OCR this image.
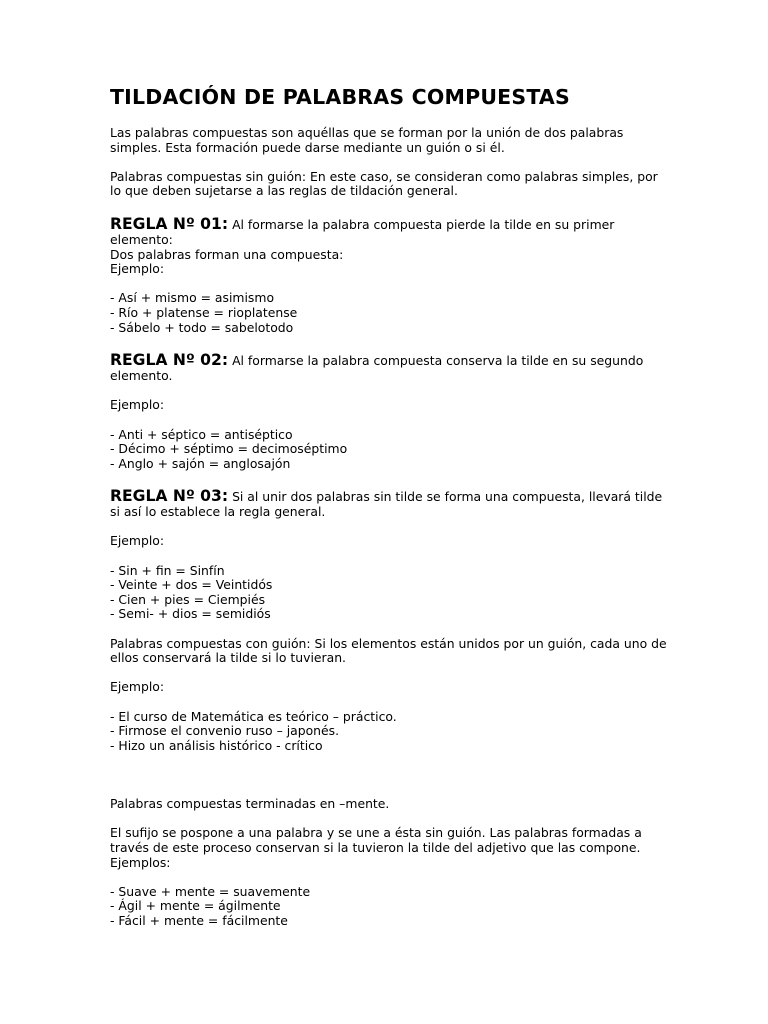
TILDACIÓN DE PALABRAS COMPUESTAS

Las palabras compuestas son aquéllas que se forman por la unión de dos palabras simples. Esta formación puede darse mediante un guión o si él.

Palabras compuestas sin guión: En este caso, se consideran como palabras simples, por lo que deben sujetarse a las reglas de tildación general.

REGLA Nº 01: Al formarse la palabra compuesta pierde la tilde en su primer elemento:

Dos palabras forman una compuesta:

Ejemplo:

- Así + mismo = asimismo

- Río + platense = rioplatense

- Sábelo + todo = sabelotodo

REGLA Nº 02: Al formarse la palabra compuesta conserva la tilde en su segundo elemento.

Ejemplo:

- Anti + séptico = antiséptico

- Décimo + séptimo = decimoséptimo

- Anglo + sajón = anglosajón

REGLA Nº 03: Si al unir dos palabras sin tilde se forma una compuesta, llevará tilde si así lo establece la regla general.

Ejemplo:

- Sin + fin = Sinfín

- Veinte + dos = Veintidós

- Cien + pies = Ciempiés

- Semi- + dios = semidiós

Palabras compuestas con guión: Si los elementos están unidos por un guión, cada uno de ellos conservará la tilde si lo tuvieran.

Ejemplo:

- El curso de Matemática es teórico – práctico.

- Firmose el convenio ruso – japonés.

- Hizo un análisis histórico - crítico

Palabras compuestas terminadas en –mente.

El sufijo se pospone a una palabra y se une a ésta sin guión. Las palabras formadas a través de este proceso conservan si la tuvieron la tilde del adjetivo que las compone.

Ejemplos:

- Suave + mente = suavemente

- Ágil + mente = ágilmente

- Fácil + mente = fácilmente
